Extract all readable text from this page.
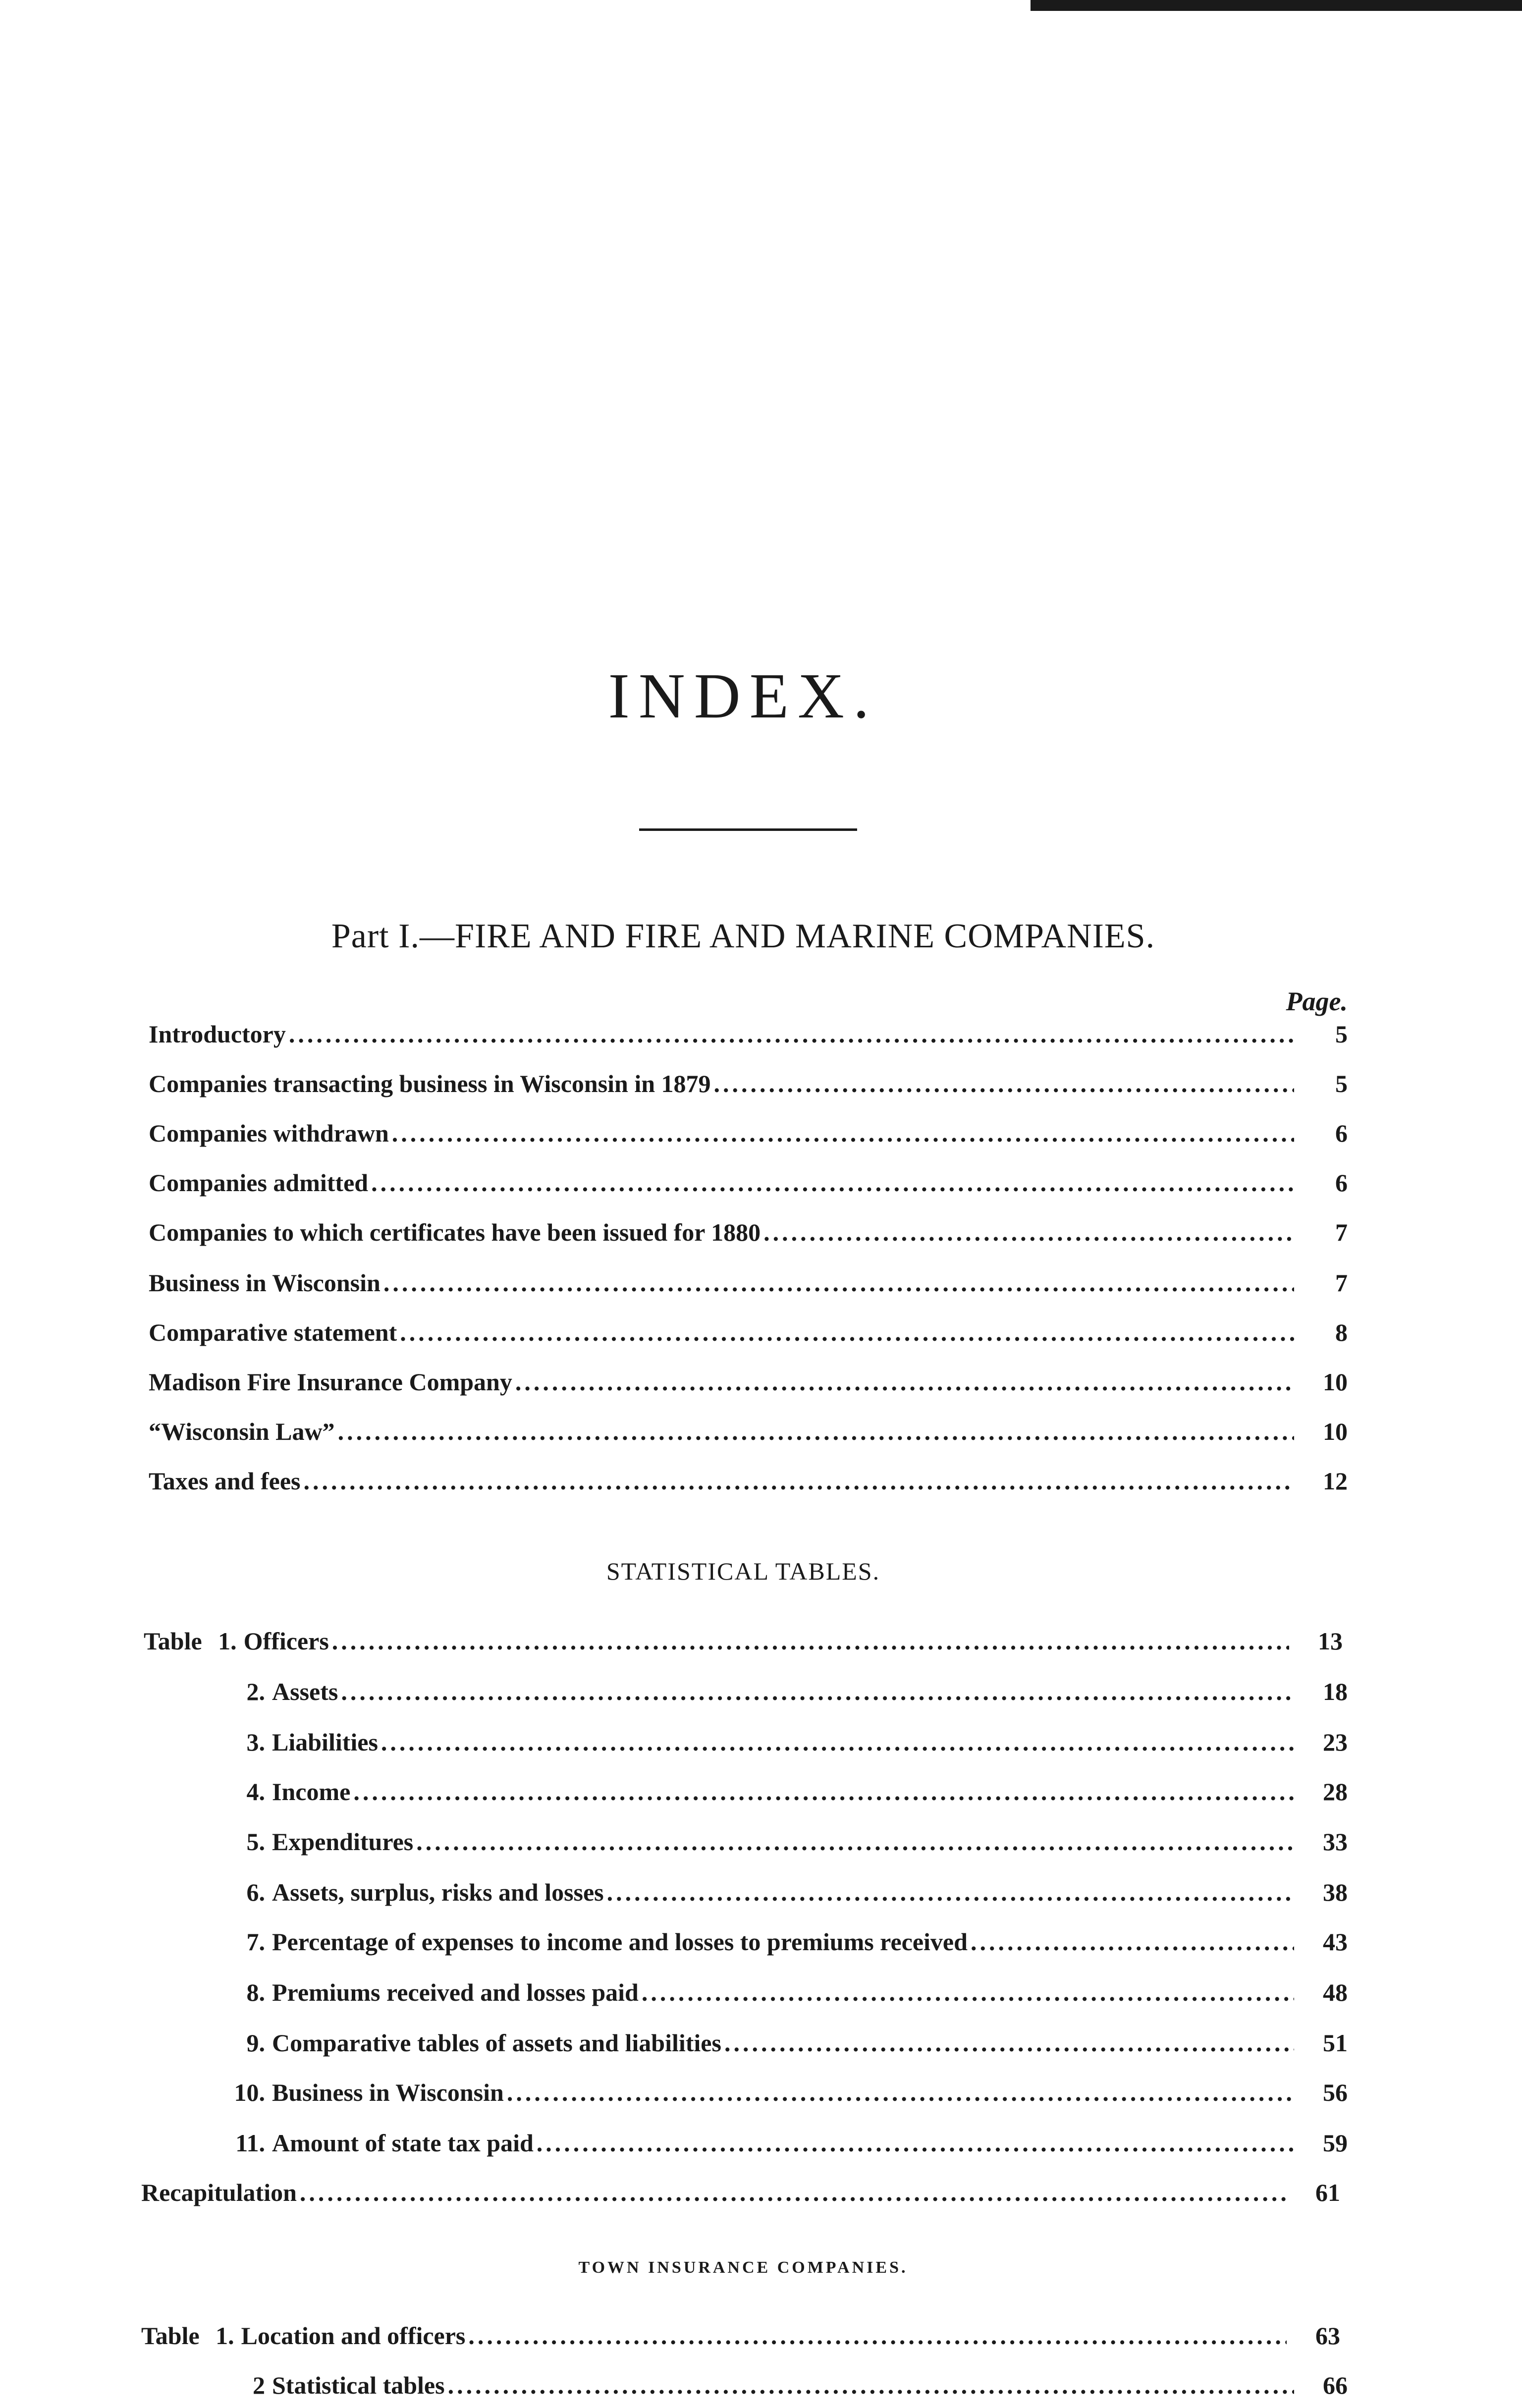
INDEX.
Part I.—FIRE AND FIRE AND MARINE COMPANIES.
Page.
Introductory .....	5
Companies transacting business in Wisconsin in 1879 .....	5
Companies withdrawn .....	6
Companies admitted .....	6
Companies to which certificates have been issued for 1880 .....	7
Business in Wisconsin .....	7
Comparative statement .....	8
Madison Fire Insurance Company .....	10
“Wisconsin Law” .....	10
Taxes and fees .....	12
STATISTICAL TABLES.
Table 1. Officers .....	13
2. Assets .....	18
3. Liabilities .....	23
4. Income .....	28
5. Expenditures .....	33
6. Assets, surplus, risks and losses .....	38
7. Percentage of expenses to income and losses to premiums received .....	43
8. Premiums received and losses paid .....	48
9. Comparative tables of assets and liabilities .....	51
10. Business in Wisconsin .....	56
11. Amount of state tax paid .....	59
Recapitulation .....	61
TOWN INSURANCE COMPANIES.
Table 1. Location and officers .....	63
2 Statistical tables .....	66
